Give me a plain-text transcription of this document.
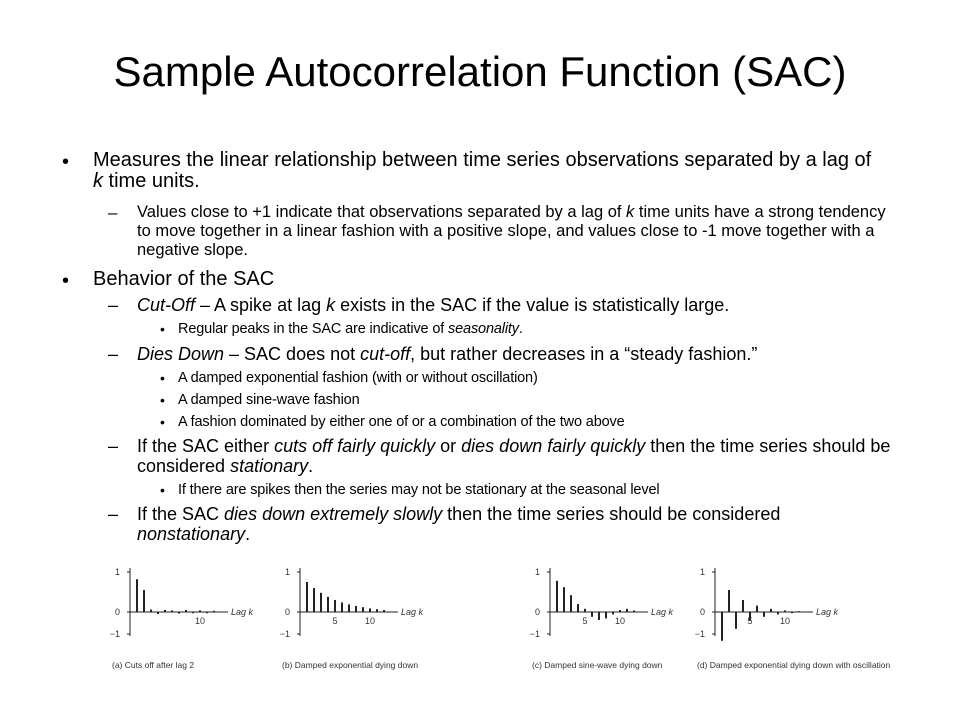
Sample Autocorrelation Function (SAC)
• Measures the linear relationship between time series observations separated by a lag of k time units.
– Values close to +1 indicate that observations separated by a lag of k time units have a strong tendency to move together in a linear fashion with a positive slope, and values close to -1 move together with a negative slope.
• Behavior of the SAC
– Cut-Off – A spike at lag k exists in the SAC if the value is statistically large.
• Regular peaks in the SAC are indicative of seasonality.
– Dies Down – SAC does not cut-off, but rather decreases in a “steady fashion.”
• A damped exponential fashion (with or without oscillation)
• A damped sine-wave fashion
• A fashion dominated by either one of or a combination of the two above
– If the SAC either cuts off fairly quickly or dies down fairly quickly then the time series should be considered stationary.
• If there are spikes then the series may not be stationary at the seasonal level
– If the SAC dies down extremely slowly then the time series should be considered nonstationary.
1
0
−1
10
Lag k
(a) Cuts off after lag 2
1
0
−1
5	10
Lag k
(b) Damped exponential dying down
1
0
−1
5	10
Lag k
(c) Damped sine-wave dying down
1
0
−1
5	10
Lag k
(d) Damped exponential dying down with oscillation
